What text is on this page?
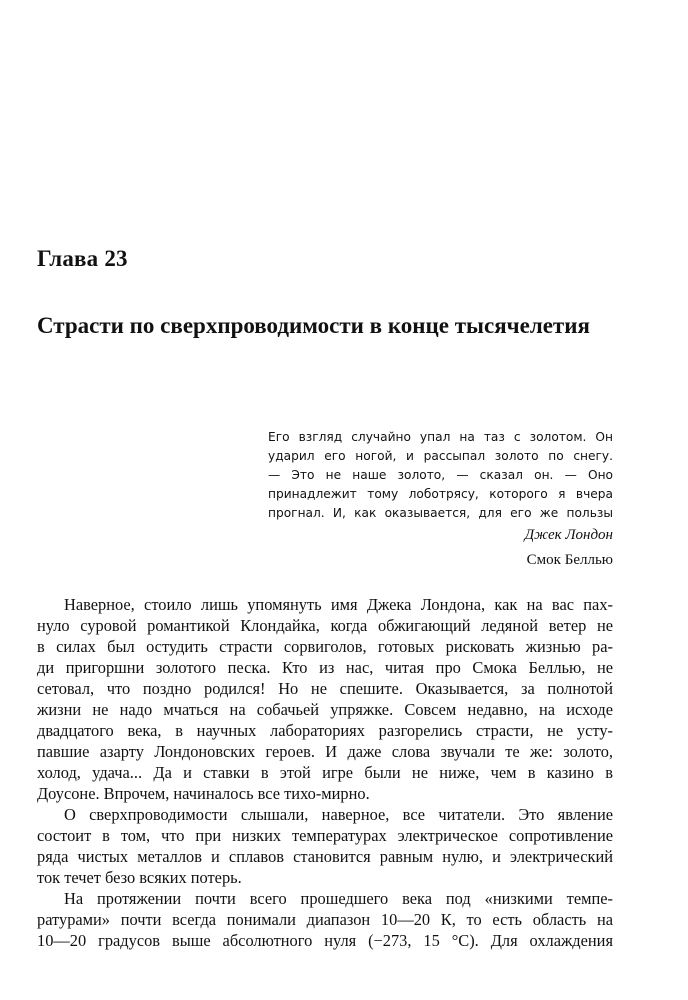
Глава 23
Страсти по сверхпроводимости в конце тысячелетия
Его взгляд случайно упал на таз с золотом. Он
ударил его ногой, и рассыпал золото по снегу.
— Это не наше золото, — сказал он. — Оно
принадлежит тому лоботрясу, которого я вчера
прогнал. И, как оказывается, для его же пользы
Джек Лондон
Смок Беллью
Наверное, стоило лишь упомянуть имя Джека Лондона, как на вас пах-
нуло суровой романтикой Клондайка, когда обжигающий ледяной ветер не
в силах был остудить страсти сорвиголов, готовых рисковать жизнью ра-
ди пригоршни золотого песка. Кто из нас, читая про Смока Беллью, не
сетовал, что поздно родился! Но не спешите. Оказывается, за полнотой
жизни не надо мчаться на собачьей упряжке. Совсем недавно, на исходе
двадцатого века, в научных лабораториях разгорелись страсти, не усту-
павшие азарту Лондоновских героев. И даже слова звучали те же: золото,
холод, удача... Да и ставки в этой игре были не ниже, чем в казино в
Доусоне. Впрочем, начиналось все тихо-мирно.
О сверхпроводимости слышали, наверное, все читатели. Это явление
состоит в том, что при низких температурах электрическое сопротивление
ряда чистых металлов и сплавов становится равным нулю, и электрический
ток течет безо всяких потерь.
На протяжении почти всего прошедшего века под «низкими темпе-
ратурами» почти всегда понимали диапазон 10—20 К, то есть область на
10—20 градусов выше абсолютного нуля (−273, 15 °C). Для охлаждения
